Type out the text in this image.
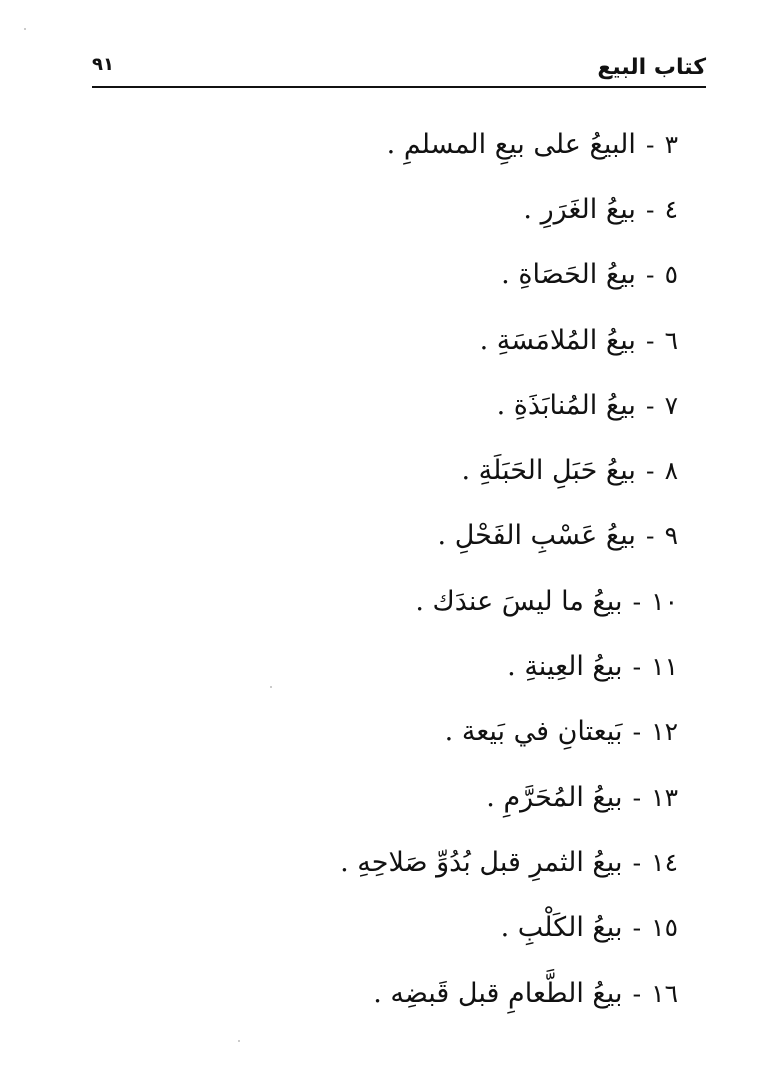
كتاب البيع
٩١
٣
-
البيعُ على بيعِ المسلمِ .
٤
-
بيعُ الغَرَرِ .
٥
-
بيعُ الحَصَاةِ .
٦
-
بيعُ المُلامَسَةِ .
٧
-
بيعُ المُنابَذَةِ .
٨
-
بيعُ حَبَلِ الحَبَلَةِ .
٩
-
بيعُ عَسْبِ الفَحْلِ .
١٠
-
بيعُ ما ليسَ عندَك .
١١
-
بيعُ العِينةِ .
١٢
-
بَيعتانِ في بَيعة .
١٣
-
بيعُ المُحَرَّمِ .
١٤
-
بيعُ الثمرِ قبل بُدُوِّ صَلاحِهِ .
١٥
-
بيعُ الكَلْبِ .
١٦
-
بيعُ الطَّعامِ قبل قَبضِه .
